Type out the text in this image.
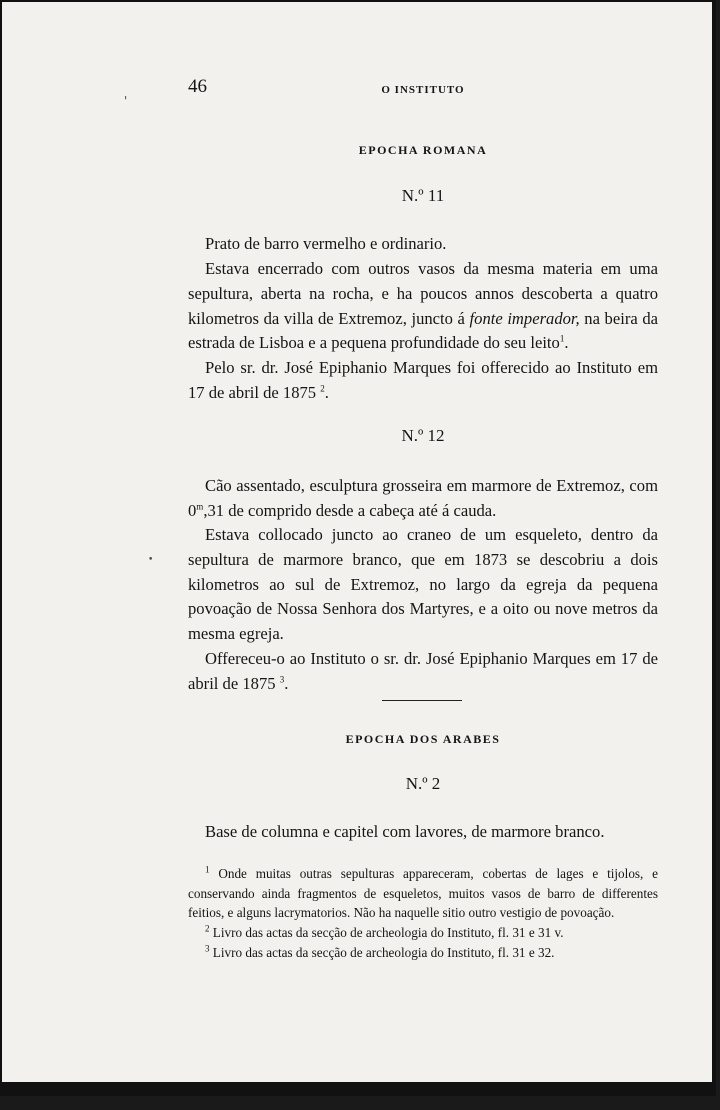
46	O INSTITUTO
EPOCHA ROMANA
N.º 11
Prato de barro vermelho e ordinario.
Estava encerrado com outros vasos da mesma materia em uma sepultura, aberta na rocha, e ha poucos annos descoberta a quatro kilometros da villa de Extremoz, juncto á fonte imperador, na beira da estrada de Lisboa e a pequena profundidade do seu leito$^1$.
Pelo sr. dr. José Epiphanio Marques foi offerecido ao Instituto em 17 de abril de 1875 $^2$.
N.º 12
Cão assentado, esculptura grosseira em marmore de Extremoz, com 0$^m$,31 de comprido desde a cabeça até á cauda.
Estava collocado juncto ao craneo de um esqueleto, dentro da sepultura de marmore branco, que em 1873 se descobriu a dois kilometros ao sul de Extremoz, no largo da egreja da pequena povoação de Nossa Senhora dos Martyres, e a oito ou nove metros da mesma egreja.
Offereceu-o ao Instituto o sr. dr. José Epiphanio Marques em 17 de abril de 1875 $^3$.
EPOCHA DOS ARABES
N.º 2
Base de columna e capitel com lavores, de marmore branco.

$^1$ Onde muitas outras sepulturas appareceram, cobertas de lages e tijolos, e conservando ainda fragmentos de esqueletos, muitos vasos de barro de differentes feitios, e alguns lacrymatorios. Não ha naquelle sitio outro vestigio de povoação.

$^2$ Livro das actas da secção de archeologia do Instituto, fl. 31 e 31 v.

$^3$ Livro das actas da secção de archeologia do Instituto, fl. 31 e 32.

'
•
